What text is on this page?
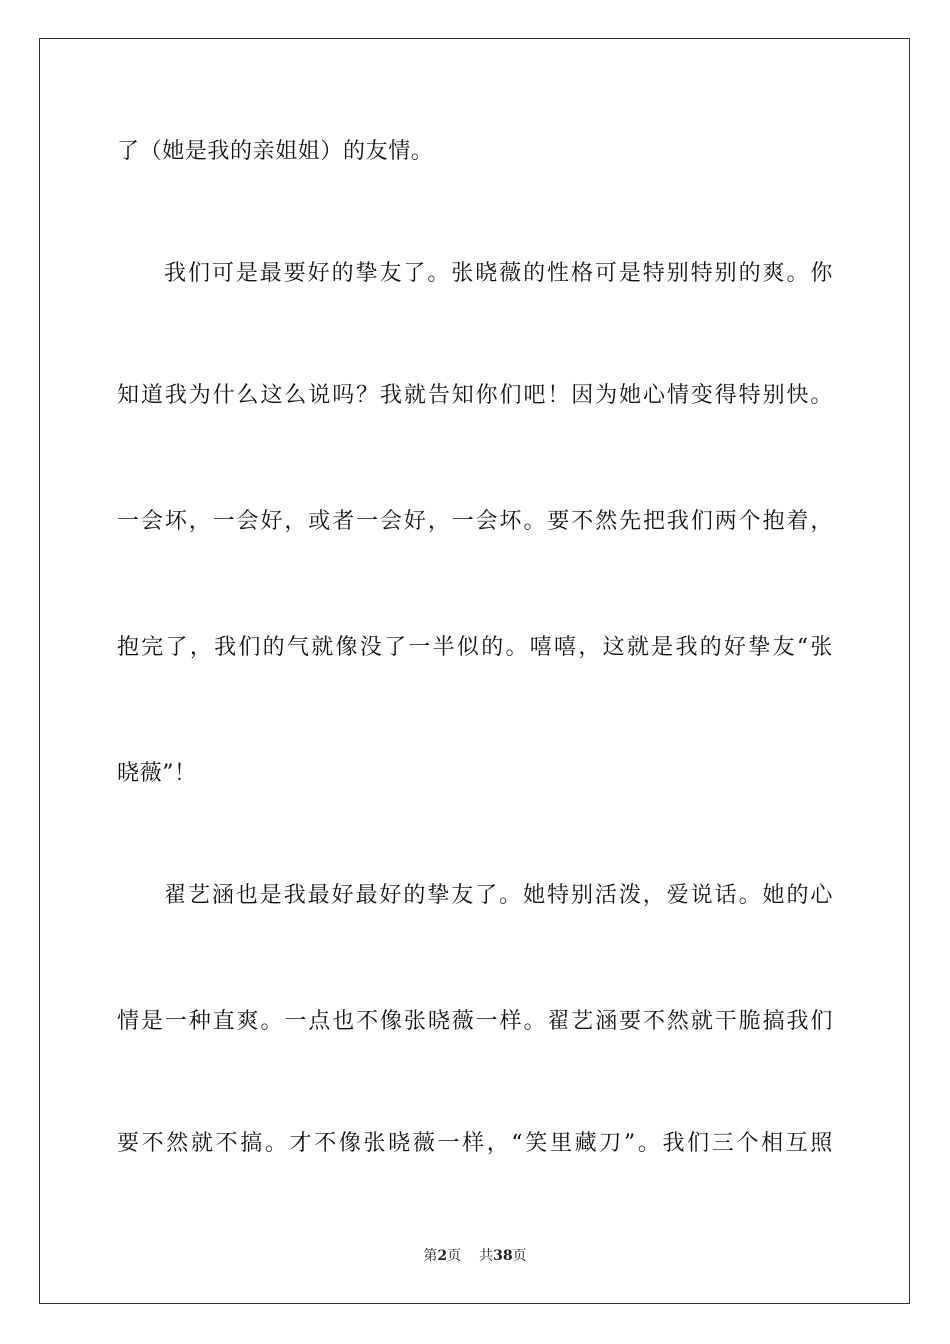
了（她是我的亲姐姐）的友情。
我们可是最要好的挚友了。张晓薇的性格可是特别特别的爽。你
知道我为什么这么说吗？我就告知你们吧！因为她心情变得特别快。
一会坏，一会好，或者一会好，一会坏。要不然先把我们两个抱着，
抱完了，我们的气就像没了一半似的。嘻嘻，这就是我的好挚友“张
晓薇”！
翟艺涵也是我最好最好的挚友了。她特别活泼，爱说话。她的心
情是一种直爽。一点也不像张晓薇一样。翟艺涵要不然就干脆搞我们
要不然就不搞。才不像张晓薇一样，“笑里藏刀”。我们三个相互照
第2页 共38页
